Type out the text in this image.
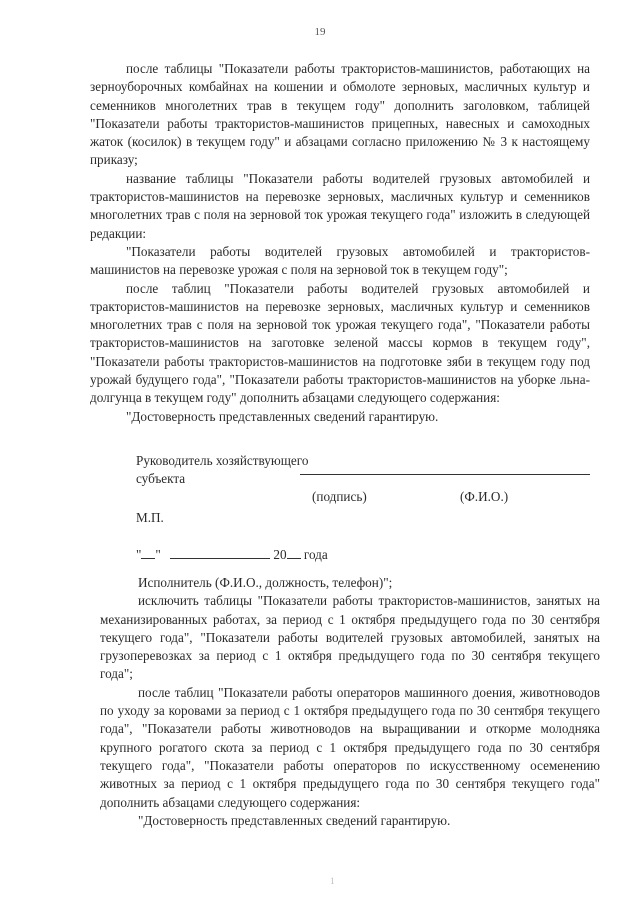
19

после таблицы "Показатели работы трактористов-машинистов, работающих на зерноуборочных комбайнах на кошении и обмолоте зерновых, масличных культур и семенников многолетних трав в текущем году" дополнить заголовком, таблицей "Показатели работы трактористов-машинистов прицепных, навесных и самоходных жаток (косилок) в текущем году" и абзацами согласно приложению № 3 к настоящему приказу;

название таблицы "Показатели работы водителей грузовых автомобилей и трактористов-машинистов на перевозке зерновых, масличных культур и семенников многолетних трав с поля на зерновой ток урожая текущего года" изложить в следующей редакции:

"Показатели работы водителей грузовых автомобилей и трактористов-машинистов на перевозке урожая с поля на зерновой ток в текущем году";

после таблиц "Показатели работы водителей грузовых автомобилей и трактористов-машинистов на перевозке зерновых, масличных культур и семенников многолетних трав с поля на зерновой ток урожая текущего года", "Показатели работы трактористов-машинистов на заготовке зеленой массы кормов в текущем году", "Показатели работы трактористов-машинистов на подготовке зяби в текущем году под урожай будущего года", "Показатели работы трактористов-машинистов на уборке льна-долгунца в текущем году" дополнить абзацами следующего содержания:

"Достоверность представленных сведений гарантирую.

Руководитель хозяйствующего
субъекта
(подпись)	(Ф.И.О.)
М.П.
" "	20 года

Исполнитель (Ф.И.О., должность, телефон)";

исключить таблицы "Показатели работы трактористов-машинистов, занятых на механизированных работах, за период с 1 октября предыдущего года по 30 сентября текущего года", "Показатели работы водителей грузовых автомобилей, занятых на грузоперевозках за период с 1 октября предыдущего года по 30 сентября текущего года";

после таблиц "Показатели работы операторов машинного доения, животноводов по уходу за коровами за период с 1 октября предыдущего года по 30 сентября текущего года", "Показатели работы животноводов на выращивании и откорме молодняка крупного рогатого скота за период с 1 октября предыдущего года по 30 сентября текущего года", "Показатели работы операторов по искусственному осеменению животных за период с 1 октября предыдущего года по 30 сентября текущего года" дополнить абзацами следующего содержания:

"Достоверность представленных сведений гарантирую.

1
